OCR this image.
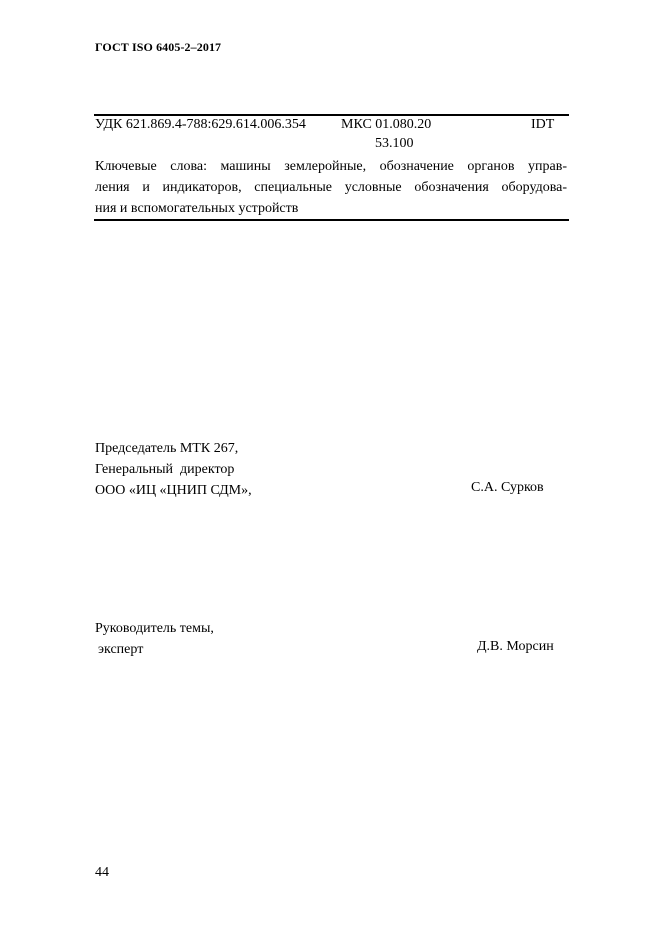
ГОСТ ISO 6405-2–2017
УДК 621.869.4-788:629.614.006.354	МКС 01.080.20	IDT
53.100
Ключевые слова: машины землеройные, обозначение органов управ-
ления и индикаторов, специальные условные обозначения оборудова-
ния и вспомогательных устройств
Председатель МТК 267,
Генеральный  директор
ООО «ИЦ «ЦНИП СДМ»,	С.А. Сурков
Руководитель темы,
эксперт	Д.В. Морсин
44
